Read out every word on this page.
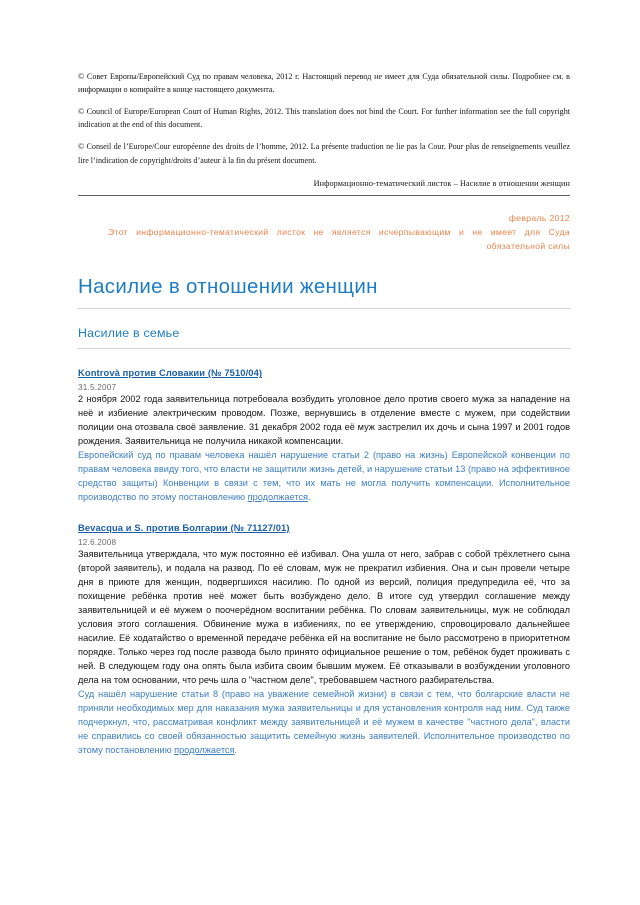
© Совет Европы/Европейский Суд по правам человека, 2012 г. Настоящий перевод не имеет для Суда обязательной силы. Подробнее см. в информации о копирайте в конце настоящего документа.

© Council of Europe/European Court of Human Rights, 2012. This translation does not bind the Court. For further information see the full copyright indication at the end of this document.

© Conseil de l’Europe/Cour européenne des droits de l’homme, 2012. La présente traduction ne lie pas la Cour. Pour plus de renseignements veuillez lire l’indication de copyright/droits d’auteur à la fin du présent document.

Информационно-тематический листок – Насилие в отношении женщин
февраль 2012
Этот информационно-тематический листок не является исчерпывающим и не имеет для Суда обязательной силы
Насилие в отношении женщин
Насилие в семье
Kontrovà против Словакии (№ 7510/04)
31.5.2007
2 ноября 2002 года заявительница потребовала возбудить уголовное дело против своего мужа за нападение на неё и избиение электрическим проводом. Позже, вернувшись в отделение вместе с мужем, при содействии полиции она отозвала своё заявление. 31 декабря 2002 года её муж застрелил их дочь и сына 1997 и 2001 годов рождения. Заявительница не получила никакой компенсации.
Европейский суд по правам человека нашёл нарушение статьи 2 (право на жизнь) Европейской конвенции по правам человека ввиду того, что власти не защитили жизнь детей, и нарушение статьи 13 (право на эффективное средство защиты) Конвенции в связи с тем, что их мать не могла получить компенсации. Исполнительное производство по этому постановлению продолжается.
Bevacqua и S. против Болгарии (№ 71127/01)
12.6.2008
Заявительница утверждала, что муж постоянно её избивал. Она ушла от него, забрав с собой трёхлетнего сына (второй заявитель), и подала на развод. По её словам, муж не прекратил избиения. Она и сын провели четыре дня в приюте для женщин, подвергшихся насилию. По одной из версий, полиция предупредила её, что за похищение ребёнка против неё может быть возбуждено дело. В итоге суд утвердил соглашение между заявительницей и её мужем о поочерёдном воспитании ребёнка. По словам заявительницы, муж не соблюдал условия этого соглашения. Обвинение мужа в избиениях, по ее утверждению, спровоцировало дальнейшее насилие. Её ходатайство о временной передаче ребёнка ей на воспитание не было рассмотрено в приоритетном порядке. Только через год после развода было принято официальное решение о том, ребёнок будет проживать с ней. В следующем году она опять была избита своим бывшим мужем. Её отказывали в возбуждении уголовного дела на том основании, что речь шла о "частном деле", требовавшем частного разбирательства.
Суд нашёл нарушение статьи 8 (право на уважение семейной жизни) в связи с тем, что болгарские власти не приняли необходимых мер для наказания мужа заявительницы и для установления контроля над ним. Суд также подчеркнул, что, рассматривая конфликт между заявительницей и её мужем в качестве "частного дела", власти не справились со своей обязанностью защитить семейную жизнь заявителей. Исполнительное производство по этому постановлению продолжается.
